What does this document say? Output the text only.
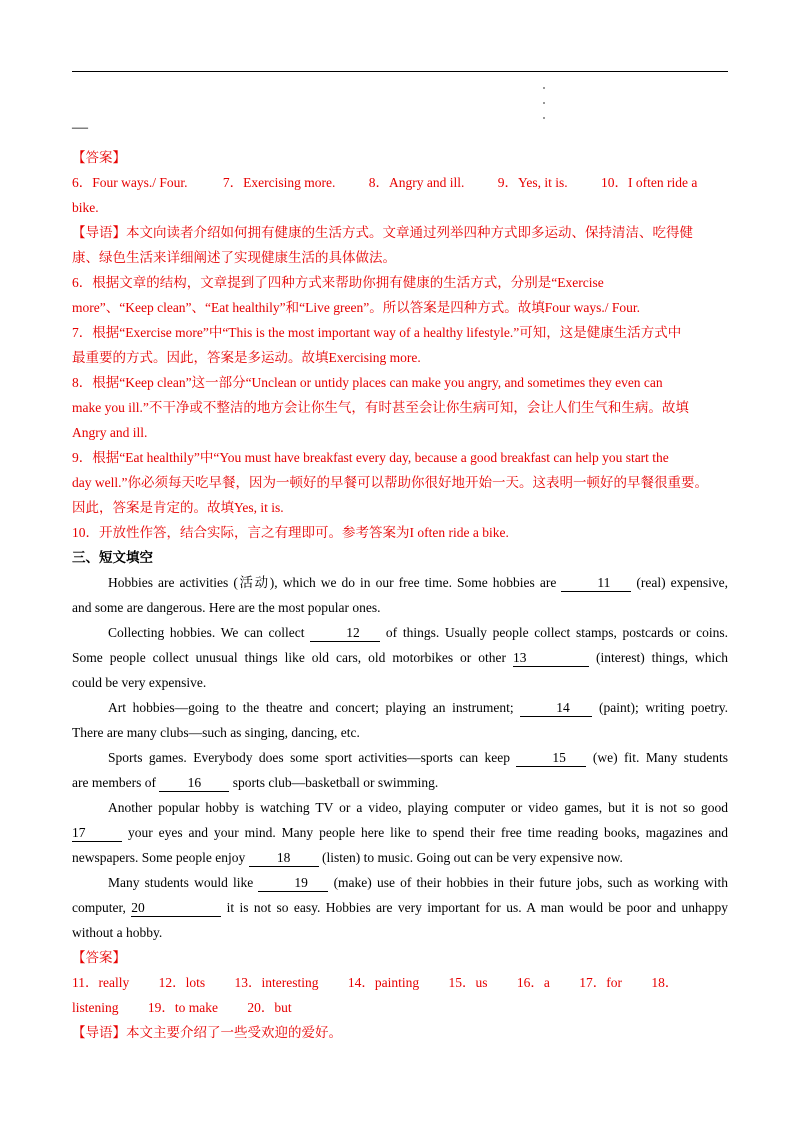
—

【答案】

6．Four ways./ Four.	7．Exercising more. 8．Angry and ill. 9．Yes, it is. 10．I often ride a

bike.

【导语】本文向读者介绍如何拥有健康的生活方式。文章通过列举四种方式即多运动、保持清洁、吃得健

康、绿色生活来详细阐述了实现健康生活的具体做法。

6．根据文章的结构，文章提到了四种方式来帮助你拥有健康的生活方式，分别是“Exercise

more”、“Keep clean”、“Eat healthily”和“Live green”。所以答案是四种方式。故填Four ways./ Four.

7．根据“Exercise more”中“This is the most important way of a healthy lifestyle.”可知，这是健康生活方式中

最重要的方式。因此，答案是多运动。故填Exercising more.

8．根据“Keep clean”这一部分“Unclean or untidy places can make you angry, and sometimes they even can

make you ill.”不干净或不整洁的地方会让你生气，有时甚至会让你生病可知，会让人们生气和生病。故填

Angry and ill.

9．根据“Eat healthily”中“You must have breakfast every day, because a good breakfast can help you start the

day well.”你必须每天吃早餐，因为一顿好的早餐可以帮助你很好地开始一天。这表明一顿好的早餐很重要。

因此，答案是肯定的。故填Yes, it is.

10．开放性作答，结合实际，言之有理即可。参考答案为I often ride a bike.

三、短文填空

Hobbies are activities (活动), which we do in our free time. Some hobbies are	11 (real) expensive,

and some are dangerous. Here are the most popular ones.

Collecting hobbies. We can collect	12 of things. Usually people collect stamps, postcards or coins.

Some people collect unusual things like old cars, old motorbikes or other 13	(interest) things, which

could be very expensive.

Art hobbies—going to the theatre and concert; playing an instrument;	14 (paint); writing poetry.

There are many clubs—such as singing, dancing, etc.

Sports games. Everybody does some sport activities—sports can keep	15 (we) fit. Many students

are members of 16 sports club—basketball or swimming.

Another popular hobby is watching TV or a video, playing computer or video games, but it is not so good

17	your eyes and your mind. Many people here like to spend their free time reading books, magazines and

newspapers. Some people enjoy 18 (listen) to music. Going out can be very expensive now.

Many students would like	19 (make) use of their hobbies in their future jobs, such as working with

computer, 20	it is not so easy. Hobbies are very important for us. A man would be poor and unhappy

without a hobby.

【答案】

11．really 12．lots 13．interesting 14．painting 15．us 16．a 17．for 18．

listening 19．to make 20．but

【导语】本文主要介绍了一些受欢迎的爱好。
